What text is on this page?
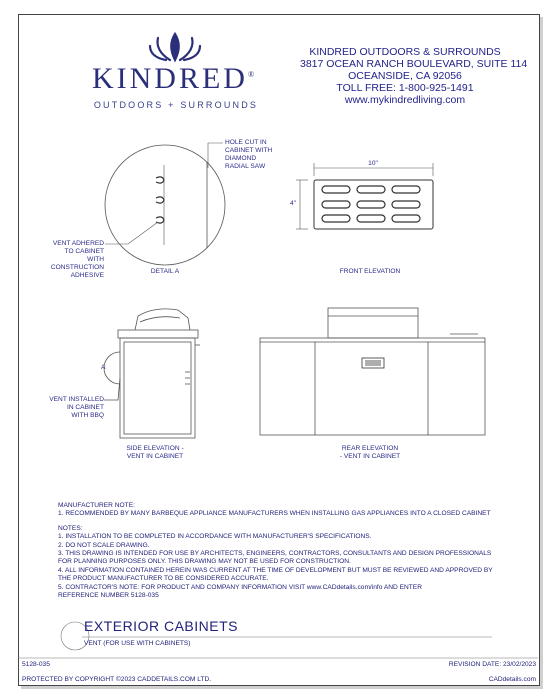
KINDRED®
OUTDOORS + SURROUNDS
KINDRED OUTDOORS & SURROUNDS
3817 OCEAN RANCH BOULEVARD, SUITE 114
OCEANSIDE, CA 92056
TOLL FREE: 1-800-925-1491
www.mykindredliving.com
HOLE CUT IN
CABINET WITH
DIAMOND
RADIAL SAW
VENT ADHERED
TO CABINET
WITH
CONSTRUCTION
ADHESIVE
DETAIL A
10"
4"
FRONT ELEVATION
A
VENT INSTALLED
IN CABINET
WITH BBQ
SIDE ELEVATION -
VENT IN CABINET
REAR ELEVATION
- VENT IN CABINET
MANUFACTURER NOTE:
1. RECOMMENDED BY MANY BARBEQUE APPLIANCE MANUFACTURERS WHEN INSTALLING GAS APPLIANCES INTO A CLOSED CABINET
NOTES:
1. INSTALLATION TO BE COMPLETED IN ACCORDANCE WITH MANUFACTURER'S SPECIFICATIONS.
2. DO NOT SCALE DRAWING.
3. THIS DRAWING IS INTENDED FOR USE BY ARCHITECTS, ENGINEERS, CONTRACTORS, CONSULTANTS AND DESIGN PROFESSIONALS
FOR PLANNING PURPOSES ONLY. THIS DRAWING MAY NOT BE USED FOR CONSTRUCTION.
4. ALL INFORMATION CONTAINED HEREIN WAS CURRENT AT THE TIME OF DEVELOPMENT BUT MUST BE REVIEWED AND APPROVED BY
THE PRODUCT MANUFACTURER TO BE CONSIDERED ACCURATE.
5. CONTRACTOR'S NOTE: FOR PRODUCT AND COMPANY INFORMATION VISIT www.CADdetails.com/info AND ENTER
REFERENCE NUMBER 5128-035
EXTERIOR CABINETS
VENT (FOR USE WITH CABINETS)
5128-035	REVISION DATE: 23/02/2023
PROTECTED BY COPYRIGHT ©2023 CADDETAILS.COM LTD.	CADdetails.com
